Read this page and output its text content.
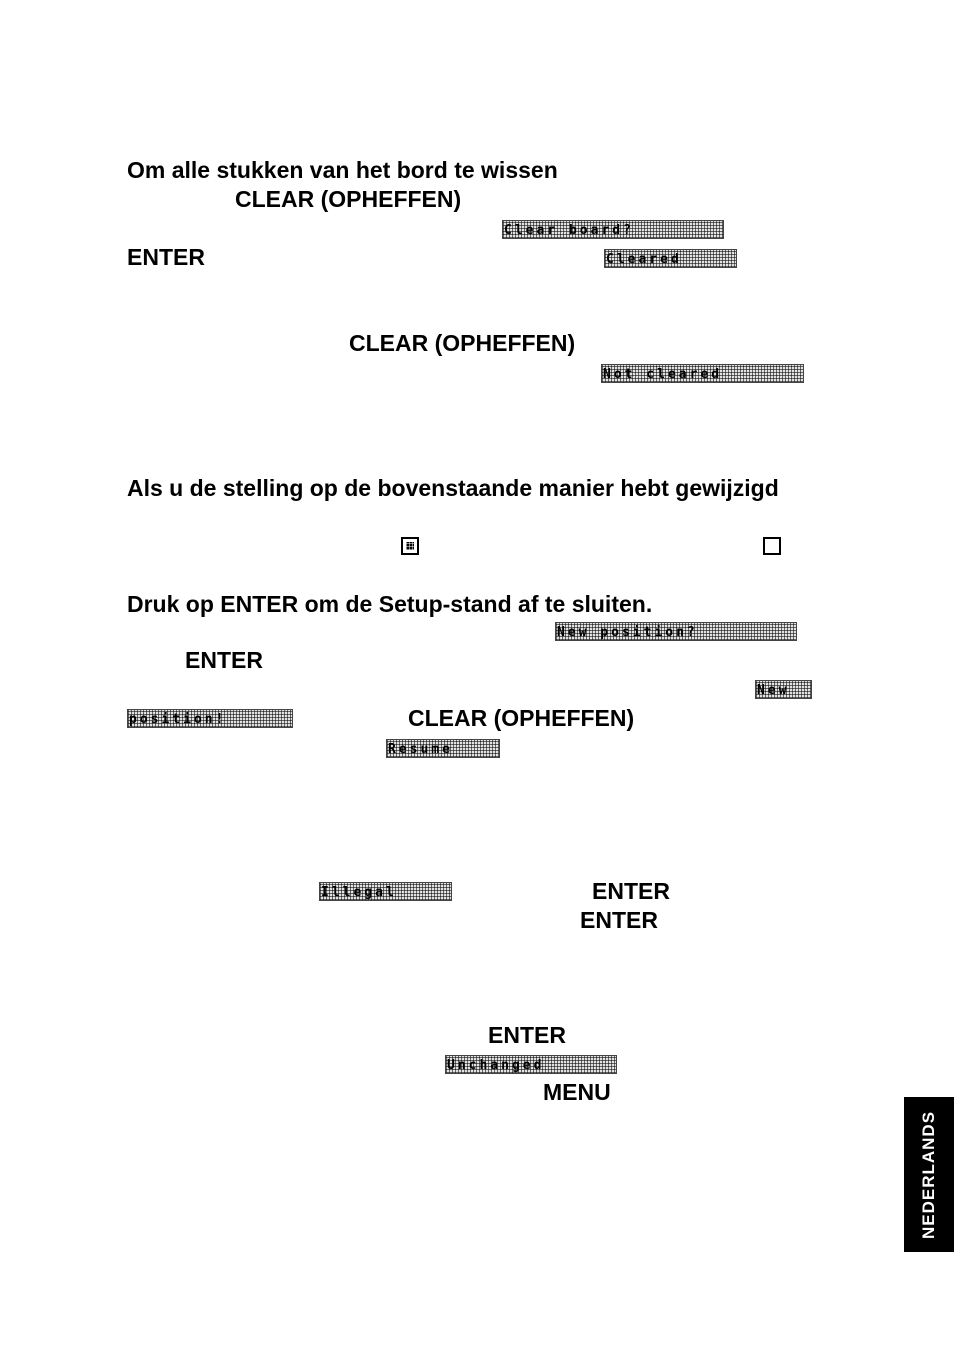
Om alle stukken van het bord te wissen
CLEAR (OPHEFFEN)
Clear board?
ENTER	Cleared
CLEAR (OPHEFFEN)
Not cleared
Als u de stelling op de bovenstaande manier hebt gewijzigd
Druk op ENTER om de Setup-stand af te sluiten.
New position?
ENTER
New
position!	CLEAR (OPHEFFEN)
Resume
Illegal	ENTER
ENTER
ENTER
Unchanged
MENU
NEDERLANDS
